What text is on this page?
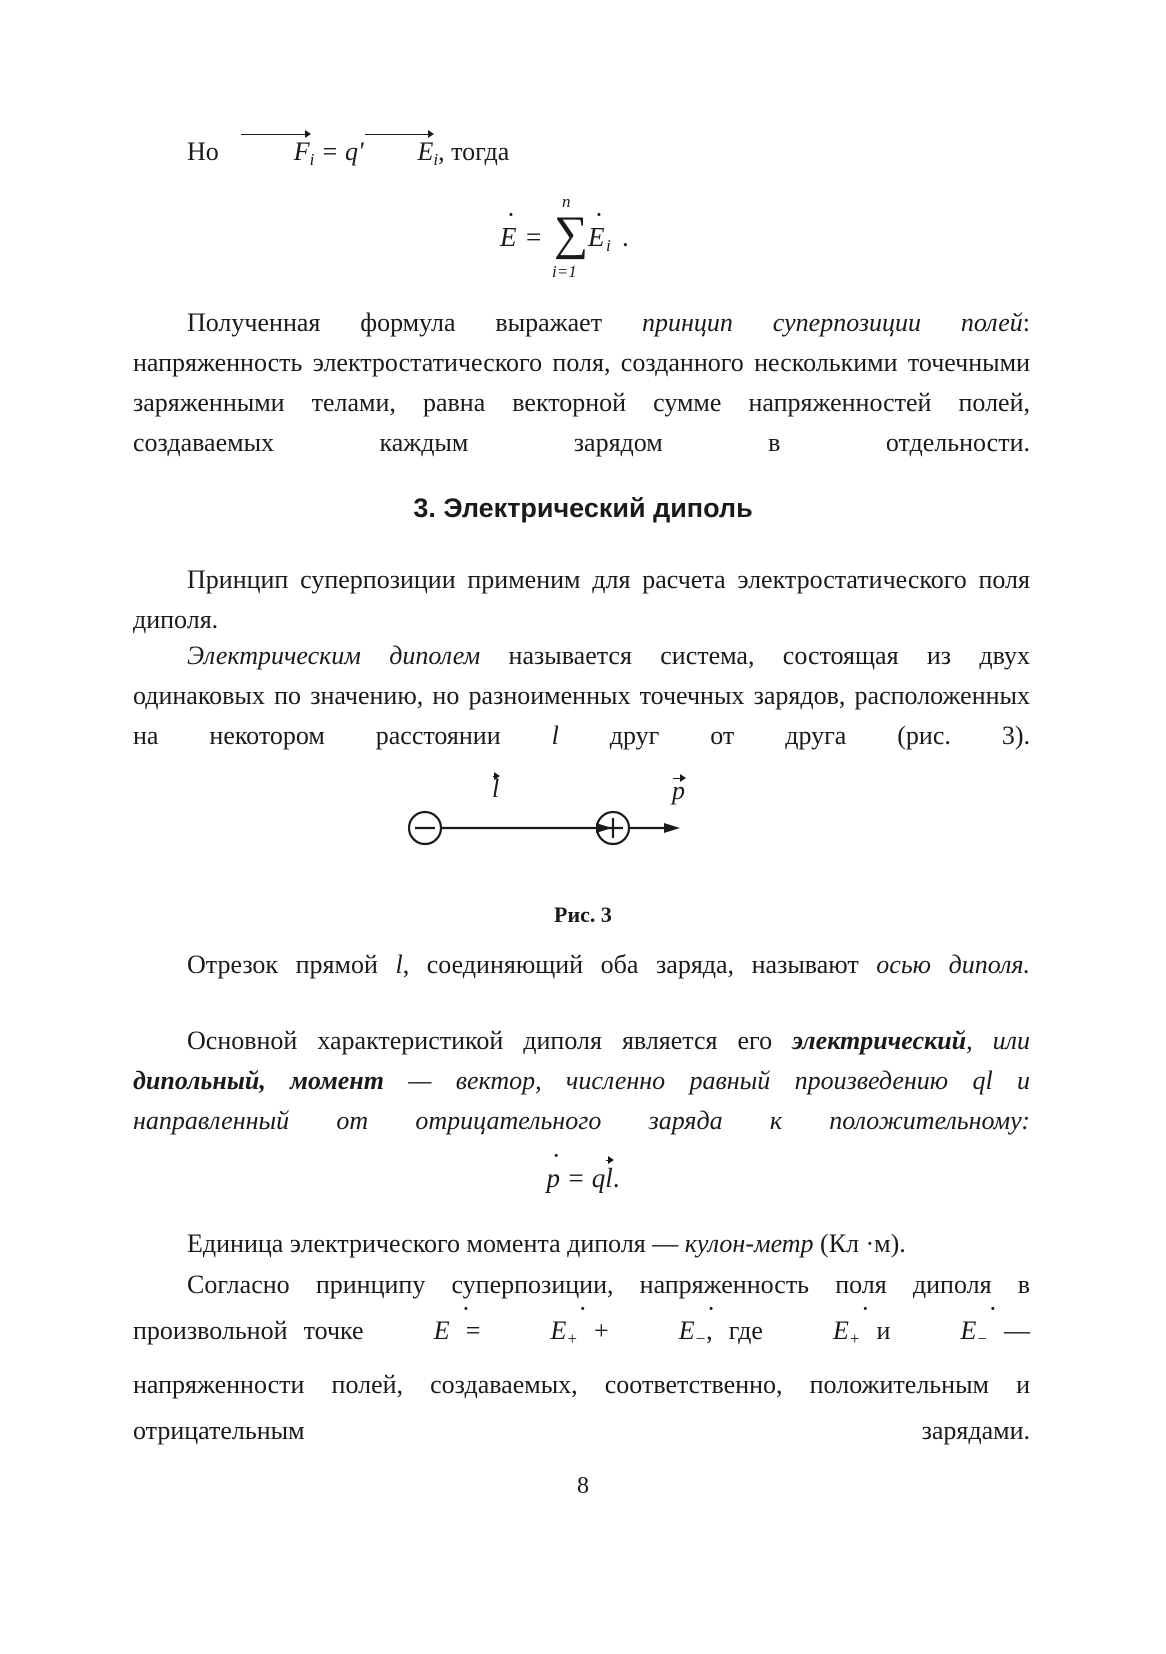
Но	$F_i = q'$ $E_i$, тогда

· E = ∑
n
i=1
· E i .

Полученная формула выражает принцип суперпозиции полей: напряженность электростатического поля, созданного несколькими точечными заряженными телами, равна векторной сумме напряженностей полей, создаваемых каждым зарядом в отдельности.

3. Электрический диполь

Принцип суперпозиции применим для расчета электростатического поля диполя.

Электрическим диполем называется система, состоящая из двух одинаковых по значению, но разноименных точечных зарядов, расположенных на некотором расстоянии l друг от друга (рис. 3).

l	p

Рис. 3

Отрезок прямой l, соединяющий оба заряда, называют осью диполя.

Основной характеристикой диполя является его электрический, или дипольный, момент — вектор, численно равный произведению ql и направленный от отрицательного заряда к положительному:

· p = ql.

Единица электрического момента диполя — кулон-метр (Кл ·м).

Согласно принципу суперпозиции, напряженность поля диполя в произвольной точке · E = · $E_+$ + · $E_-$, где · $E_+$ $и \cdot E_-$ — напряженности полей, создаваемых, соответственно, положительным и отрицательным зарядами.

8
